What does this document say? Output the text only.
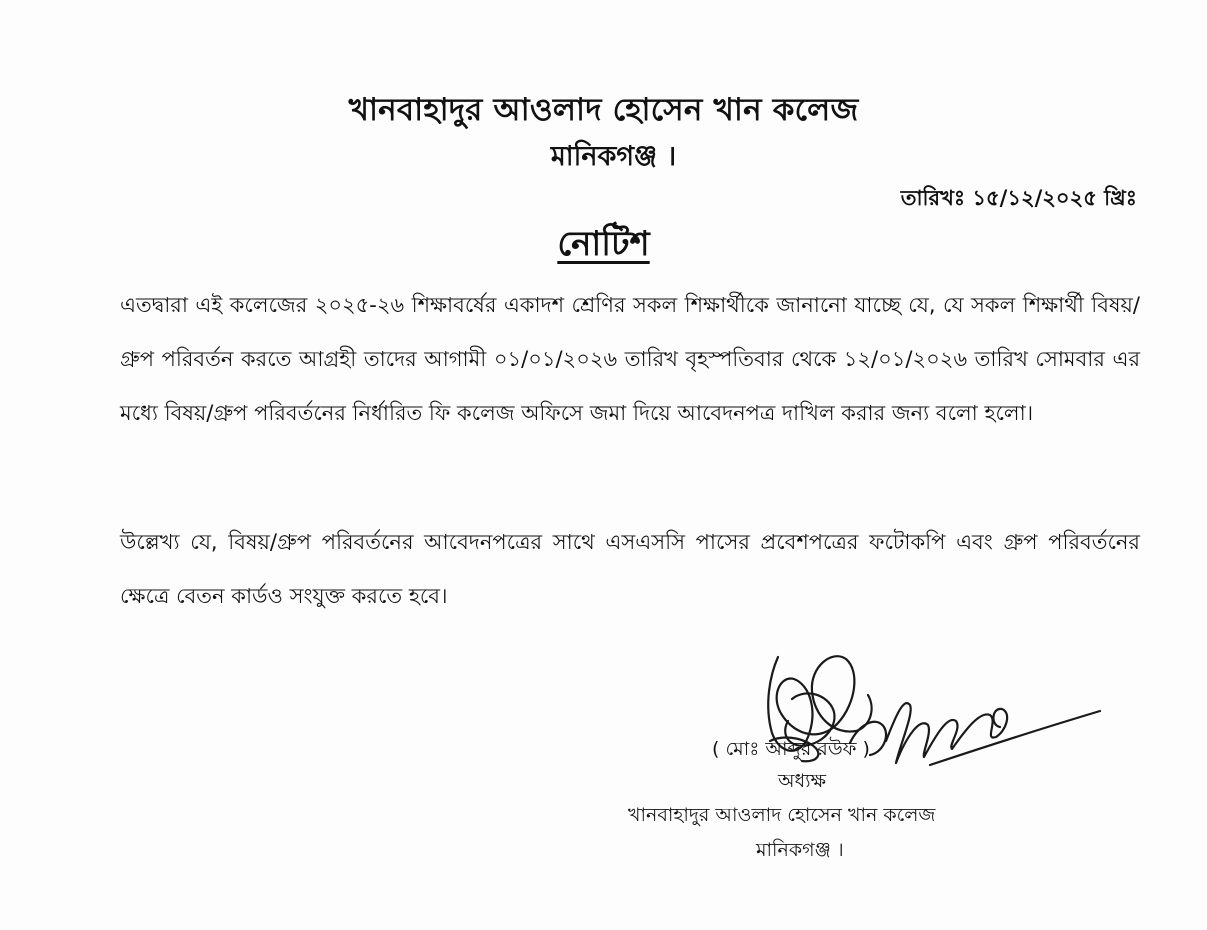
খানবাহাদুর আওলাদ হোসেন খান কলেজ
মানিকগঞ্জ ।
তারিখঃ ১৫/১২/২০২৫ খ্রিঃ
নোটিশ
এতদ্বারা এই কলেজের ২০২৫-২৬ শিক্ষাবর্ষের একাদশ শ্রেণির সকল শিক্ষার্থীকে জানানো যাচ্ছে যে, যে সকল শিক্ষার্থী বিষয়/গ্রুপ পরিবর্তন করতে আগ্রহী তাদের আগামী ০১/০১/২০২৬ তারিখ বৃহস্পতিবার থেকে ১২/০১/২০২৬ তারিখ সোমবার এর মধ্যে বিষয়/গ্রুপ পরিবর্তনের নির্ধারিত ফি কলেজ অফিসে জমা দিয়ে আবেদনপত্র দাখিল করার জন্য বলো হলো।
উল্লেখ্য যে, বিষয়/গ্রুপ পরিবর্তনের আবেদনপত্রের সাথে এসএসসি পাসের প্রবেশপত্রের ফটোকপি এবং গ্রুপ পরিবর্তনের ক্ষেত্রে বেতন কার্ডও সংযুক্ত করতে হবে।
( মোঃ আব্দুর রউফ )
অধ্যক্ষ
খানবাহাদুর আওলাদ হোসেন খান কলেজ
মানিকগঞ্জ ।
